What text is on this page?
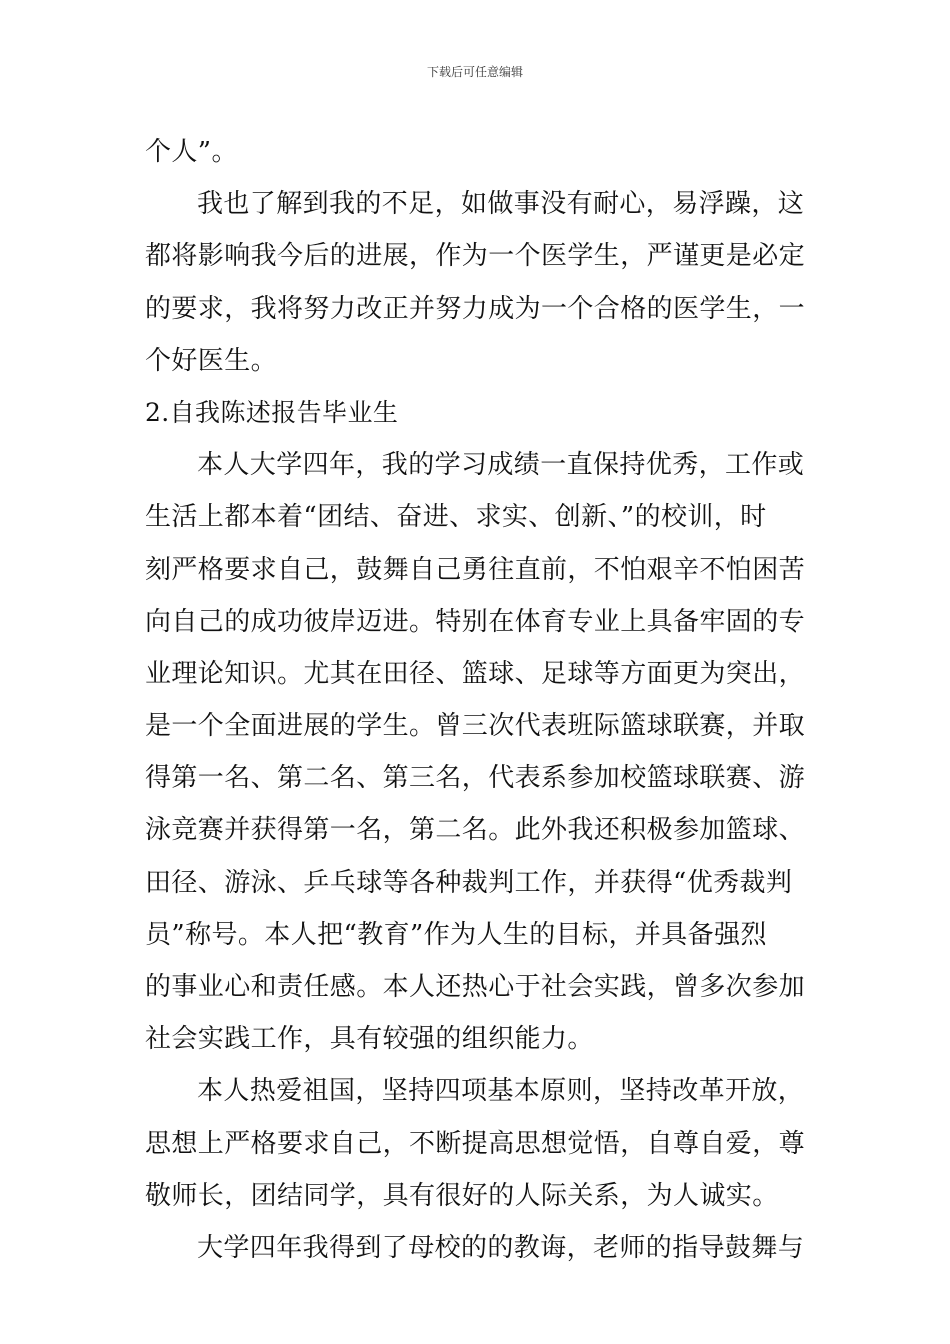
下载后可任意编辑
个人”。
我也了解到我的不足，如做事没有耐心，易浮躁，这
都将影响我今后的进展，作为一个医学生，严谨更是必定
的要求，我将努力改正并努力成为一个合格的医学生，一
个好医生。
2.自我陈述报告毕业生
本人大学四年，我的学习成绩一直保持优秀，工作或
生活上都本着“团结、奋进、求实、创新、”的校训，时
刻严格要求自己，鼓舞自己勇往直前，不怕艰辛不怕困苦
向自己的成功彼岸迈进。特别在体育专业上具备牢固的专
业理论知识。尤其在田径、篮球、足球等方面更为突出，
是一个全面进展的学生。曾三次代表班际篮球联赛，并取
得第一名、第二名、第三名，代表系参加校篮球联赛、游
泳竞赛并获得第一名，第二名。此外我还积极参加篮球、
田径、游泳、乒乓球等各种裁判工作，并获得“优秀裁判
员”称号。本人把“教育”作为人生的目标，并具备强烈
的事业心和责任感。本人还热心于社会实践，曾多次参加
社会实践工作，具有较强的组织能力。
本人热爱祖国，坚持四项基本原则，坚持改革开放，
思想上严格要求自己，不断提高思想觉悟，自尊自爱，尊
敬师长，团结同学，具有很好的人际关系，为人诚实。
大学四年我得到了母校的的教诲，老师的指导鼓舞与
